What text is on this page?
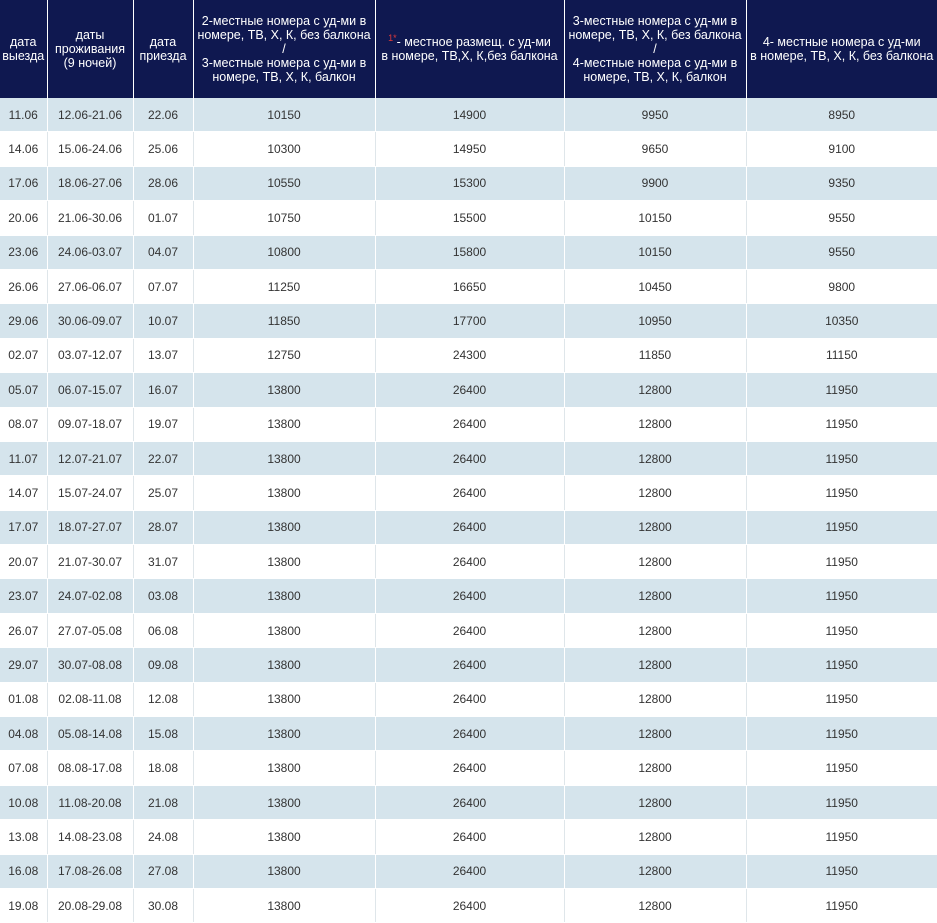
дата
выезда	даты
проживания
(9 ночей)	дата
приезда	2-местные номера с уд-ми в
номере, ТВ, Х, К, без балкона
/
3-местные номера с уд-ми в
номере, ТВ, Х, К, балкон	$^{1*}$- местное размещ. с уд-ми
в номере, ТВ,Х, К,без балкона	3-местные номера с уд-ми в
номере, ТВ, Х, К, без балкона
/
4-местные номера с уд-ми в
номере, ТВ, Х, К, балкон	4- местные номера с уд-ми
в номере, ТВ, Х, К, без балкона

11.06	12.06-21.06	22.06	10150	14900	9950	8950
14.06	15.06-24.06	25.06	10300	14950	9650	9100
17.06	18.06-27.06	28.06	10550	15300	9900	9350
20.06	21.06-30.06	01.07	10750	15500	10150	9550
23.06	24.06-03.07	04.07	10800	15800	10150	9550
26.06	27.06-06.07	07.07	11250	16650	10450	9800
29.06	30.06-09.07	10.07	11850	17700	10950	10350
02.07	03.07-12.07	13.07	12750	24300	11850	11150
05.07	06.07-15.07	16.07	13800	26400	12800	11950
08.07	09.07-18.07	19.07	13800	26400	12800	11950
11.07	12.07-21.07	22.07	13800	26400	12800	11950
14.07	15.07-24.07	25.07	13800	26400	12800	11950
17.07	18.07-27.07	28.07	13800	26400	12800	11950
20.07	21.07-30.07	31.07	13800	26400	12800	11950
23.07	24.07-02.08	03.08	13800	26400	12800	11950
26.07	27.07-05.08	06.08	13800	26400	12800	11950
29.07	30.07-08.08	09.08	13800	26400	12800	11950
01.08	02.08-11.08	12.08	13800	26400	12800	11950
04.08	05.08-14.08	15.08	13800	26400	12800	11950
07.08	08.08-17.08	18.08	13800	26400	12800	11950
10.08	11.08-20.08	21.08	13800	26400	12800	11950
13.08	14.08-23.08	24.08	13800	26400	12800	11950
16.08	17.08-26.08	27.08	13800	26400	12800	11950
19.08	20.08-29.08	30.08	13800	26400	12800	11950
